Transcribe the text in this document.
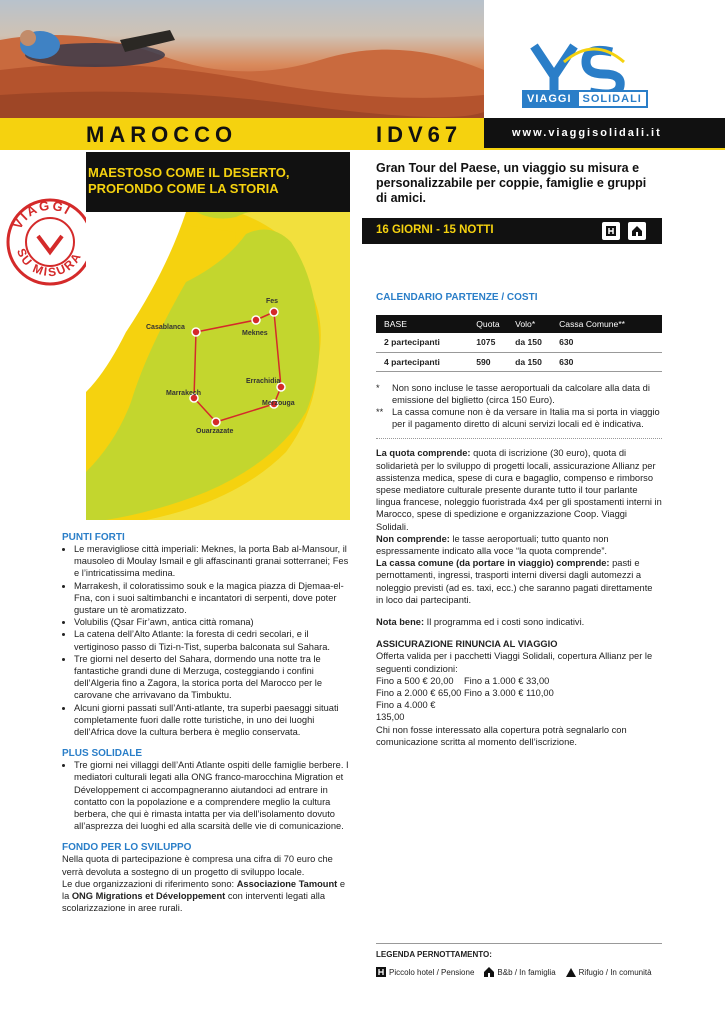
VIAGGI	SOLIDALI
MAROCCO	IDV67	www.viaggisolidali.it
MAESTOSO COME IL DESERTO, PROFONDO COME LA STORIA
Gran Tour del Paese, un viaggio su misura e personalizzabile per coppie, famiglie e gruppi di amici.
VIAGGI
SU MISURA
Fes
Casablanca
Meknes
Errachidia
Marrakech
Merzouga
Ouarzazate
16 GIORNI - 15 NOTTI
PUNTI FORTI
• Le meravigliose città imperiali: Meknes, la porta Bab al-Mansour, il mausoleo di Moulay Ismail e gli affascinanti granai sotterranei; Fes e l’intricatissima medina.
• Marrakesh, il coloratissimo souk e la magica piazza di Djemaa-el-Fna, con i suoi saltimbanchi e incantatori di serpenti, dove poter gustare un tè aromatizzato.
• Volubilis (Qsar Fir’awn, antica città romana)
• La catena dell’Alto Atlante: la foresta di cedri secolari, e il vertiginoso passo di Tizi-n-Tist, superba balconata sul Sahara.
• Tre giorni nel deserto del Sahara, dormendo una notte tra le fantastiche grandi dune di Merzuga, costeggiando i confini dell’Algeria fino a Zagora, la storica porta del Marocco per le carovane che arrivavano da Timbuktu.
• Alcuni giorni passati sull’Anti-atlante, tra superbi paesaggi situati completamente fuori dalle rotte turistiche, in uno dei luoghi dell’Africa dove la cultura berbera è meglio conservata.
PLUS SOLIDALE
• Tre giorni nei villaggi dell’Anti Atlante ospiti delle famiglie berbere. I mediatori culturali legati alla ONG franco-marocchina Migration et Développement ci accompagneranno aiutandoci ad entrare in contatto con la popolazione e a comprendere meglio la cultura berbera, che qui è rimasta intatta per via dell’isolamento dovuto all’asprezza dei luoghi ed alla scarsità delle vie di comunicazione.
FONDO PER LO SVILUPPO
Nella quota di partecipazione è compresa una cifra di 70 euro che verrà devoluta a sostegno di un progetto di sviluppo locale.
Le due organizzazioni di riferimento sono: Associazione Tamount e la ONG Migrations et Développement con interventi legati alla scolarizzazione in aree rurali.
CALENDARIO PARTENZE / COSTI
BASE	Quota	Volo*	Cassa Comune**
2 partecipanti	1075	da 150	630
4 partecipanti	590	da 150	630
*	Non sono incluse le tasse aeroportuali da calcolare alla data di emissione del biglietto (circa 150 Euro).
** La cassa comune non è da versare in Italia ma si porta in viaggio per il pagamento diretto di alcuni servizi locali ed è indicativa.
La quota comprende: quota di iscrizione (30 euro), quota di solidarietà per lo sviluppo di progetti locali, assicurazione Allianz per assistenza medica, spese di cura e bagaglio, compenso e rimborso spese mediatore culturale presente durante tutto il tour parlante lingua francese, noleggio fuoristrada 4x4 per gli spostamenti interni in Marocco, spese di spedizione e organizzazione Coop. Viaggi Solidali.
Non comprende: le tasse aeroportuali; tutto quanto non espressamente indicato alla voce “la quota comprende”.
La cassa comune (da portare in viaggio) comprende: pasti e pernottamenti, ingressi, trasporti interni diversi dagli automezzi a noleggio previsti (ad es. taxi, ecc.) che saranno pagati direttamente in loco dai partecipanti.
Nota bene: Il programma ed i costi sono indicativi.
ASSICURAZIONE RINUNCIA AL VIAGGIO
Offerta valida per i pacchetti Viaggi Solidali, copertura Allianz per le seguenti condizioni:
Fino a 500 € 20,00	Fino a 1.000 € 33,00
Fino a 2.000 € 65,00 Fino a 3.000 € 110,00
Fino a 4.000 € 135,00
Chi non fosse interessato alla copertura potrà segnalarlo con comunicazione scritta al momento dell’iscrizione.
LEGENDA PERNOTTAMENTO:
Piccolo hotel / Pensione	B&b / In famiglia	Rifugio / In comunità
